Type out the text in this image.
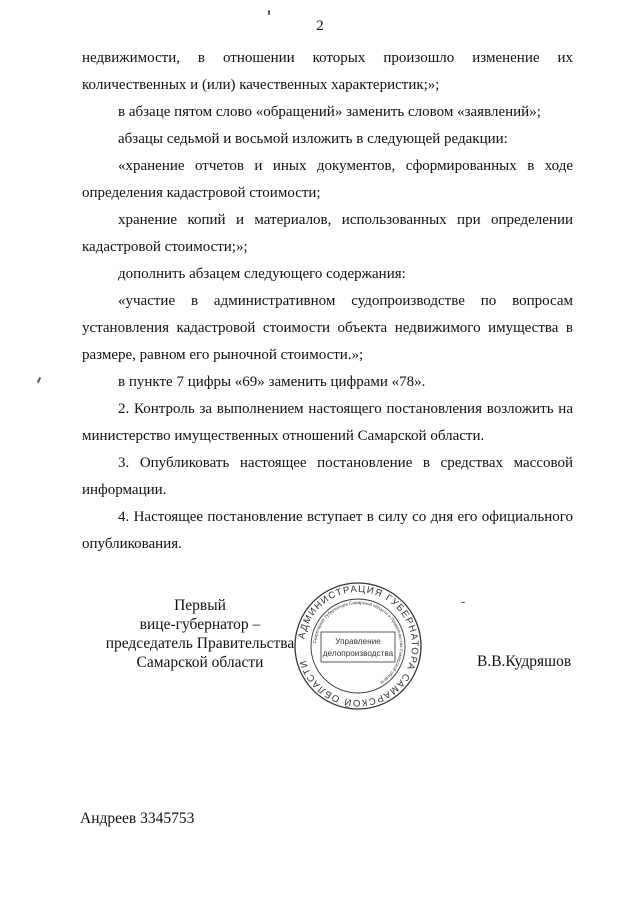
2

недвижимости, в отношении которых произошло изменение их количественных и (или) качественных характеристик;»;

в абзаце пятом слово «обращений» заменить словом «заявлений»;

абзацы седьмой и восьмой изложить в следующей редакции:

«хранение отчетов и иных документов, сформированных в ходе определения кадастровой стоимости;

хранение копий и материалов, использованных при определении кадастровой стоимости;»;

дополнить абзацем следующего содержания:

«участие в административном судопроизводстве по вопросам установления кадастровой стоимости объекта недвижимого имущества в размере, равном его рыночной стоимости.»;

в пункте 7 цифры «69» заменить цифрами «78».

2. Контроль за выполнением настоящего постановления возложить на министерство имущественных отношений Самарской области.

3. Опубликовать настоящее постановление в средствах массовой информации.

4. Настоящее постановление вступает в силу со дня его официального опубликования.

Первый
вице-губернатор –
председатель Правительства
Самарской области
АДМИНИСТРАЦИЯ ГУБЕРНАТОРА САМАРСКОЙ ОБЛАСТИ
Секретариат Губернатора Самарской области и Правительства Самарской области
Управление
делопроизводства	В.В.Кудряшов
Андреев 3345753
